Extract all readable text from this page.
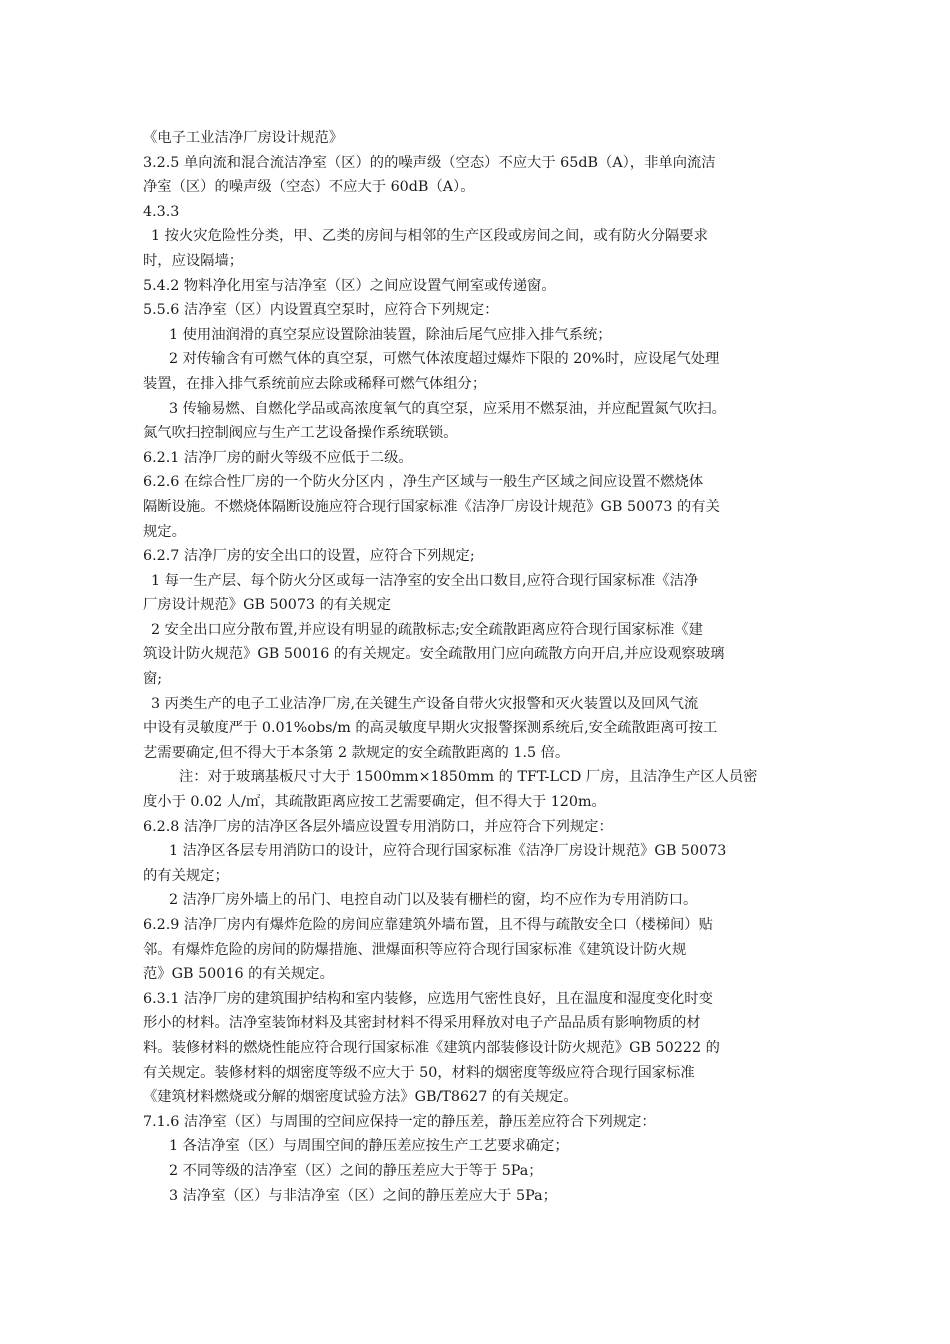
《电子工业洁净厂房设计规范》
3.2.5 单向流和混合流洁净室（区）的的噪声级（空态）不应大于 65dB（A），非单向流洁
净室（区）的噪声级（空态）不应大于 60dB（A）。
4.3.3
1 按火灾危险性分类，甲、乙类的房间与相邻的生产区段或房间之间，或有防火分隔要求
时，应设隔墙；
5.4.2 物料净化用室与洁净室（区）之间应设置气闸室或传递窗。
5.5.6 洁净室（区）内设置真空泵时，应符合下列规定：
1 使用油润滑的真空泵应设置除油装置，除油后尾气应排入排气系统；
2 对传输含有可燃气体的真空泵，可燃气体浓度超过爆炸下限的 20%时，应设尾气处理
装置，在排入排气系统前应去除或稀释可燃气体组分；
3 传输易燃、自燃化学品或高浓度氧气的真空泵，应采用不燃泵油，并应配置氮气吹扫。
氮气吹扫控制阀应与生产工艺设备操作系统联锁。
6.2.1 洁净厂房的耐火等级不应低于二级。
6.2.6 在综合性厂房的一个防火分区内 ，净生产区域与一般生产区域之间应设置不燃烧体
隔断设施。不燃烧体隔断设施应符合现行国家标准《洁净厂房设计规范》GB 50073 的有关
规定。
6.2.7 洁净厂房的安全出口的设置，应符合下列规定;
1 每一生产层、每个防火分区或每一洁净室的安全出口数目,应符合现行国家标准《洁净
厂房设计规范》GB 50073 的有关规定
2 安全出口应分散布置,并应设有明显的疏散标志;安全疏散距离应符合现行国家标准《建
筑设计防火规范》GB 50016 的有关规定。安全疏散用门应向疏散方向开启,并应设观察玻璃
窗;
3 丙类生产的电子工业洁净厂房,在关键生产设备自带火灾报警和灭火装置以及回风气流
中设有灵敏度严于 0.01%obs/m 的高灵敏度早期火灾报警探测系统后,安全疏散距离可按工
艺需要确定,但不得大于本条第 2 款规定的安全疏散距离的 1.5 倍。
注：对于玻璃基板尺寸大于 1500mm×1850mm 的 TFT-LCD 厂房，且洁净生产区人员密
度小于 0.02 人/㎡，其疏散距离应按工艺需要确定，但不得大于 120m。
6.2.8 洁净厂房的洁净区各层外墙应设置专用消防口，并应符合下列规定：
1 洁净区各层专用消防口的设计，应符合现行国家标准《洁净厂房设计规范》GB 50073
的有关规定；
2 洁净厂房外墙上的吊门、电控自动门以及装有栅栏的窗，均不应作为专用消防口。
6.2.9 洁净厂房内有爆炸危险的房间应靠建筑外墙布置，且不得与疏散安全口（楼梯间）贴
邻。有爆炸危险的房间的防爆措施、泄爆面积等应符合现行国家标准《建筑设计防火规
范》GB 50016 的有关规定。
6.3.1 洁净厂房的建筑围护结构和室内装修，应选用气密性良好，且在温度和湿度变化时变
形小的材料。洁净室装饰材料及其密封材料不得采用释放对电子产品品质有影响物质的材
料。装修材料的燃烧性能应符合现行国家标准《建筑内部装修设计防火规范》GB 50222 的
有关规定。装修材料的烟密度等级不应大于 50，材料的烟密度等级应符合现行国家标准
《建筑材料燃烧或分解的烟密度试验方法》GB/T8627 的有关规定。
7.1.6 洁净室（区）与周围的空间应保持一定的静压差，静压差应符合下列规定：
1 各洁净室（区）与周围空间的静压差应按生产工艺要求确定；
2 不同等级的洁净室（区）之间的静压差应大于等于 5Pa；
3 洁净室（区）与非洁净室（区）之间的静压差应大于 5Pa；
